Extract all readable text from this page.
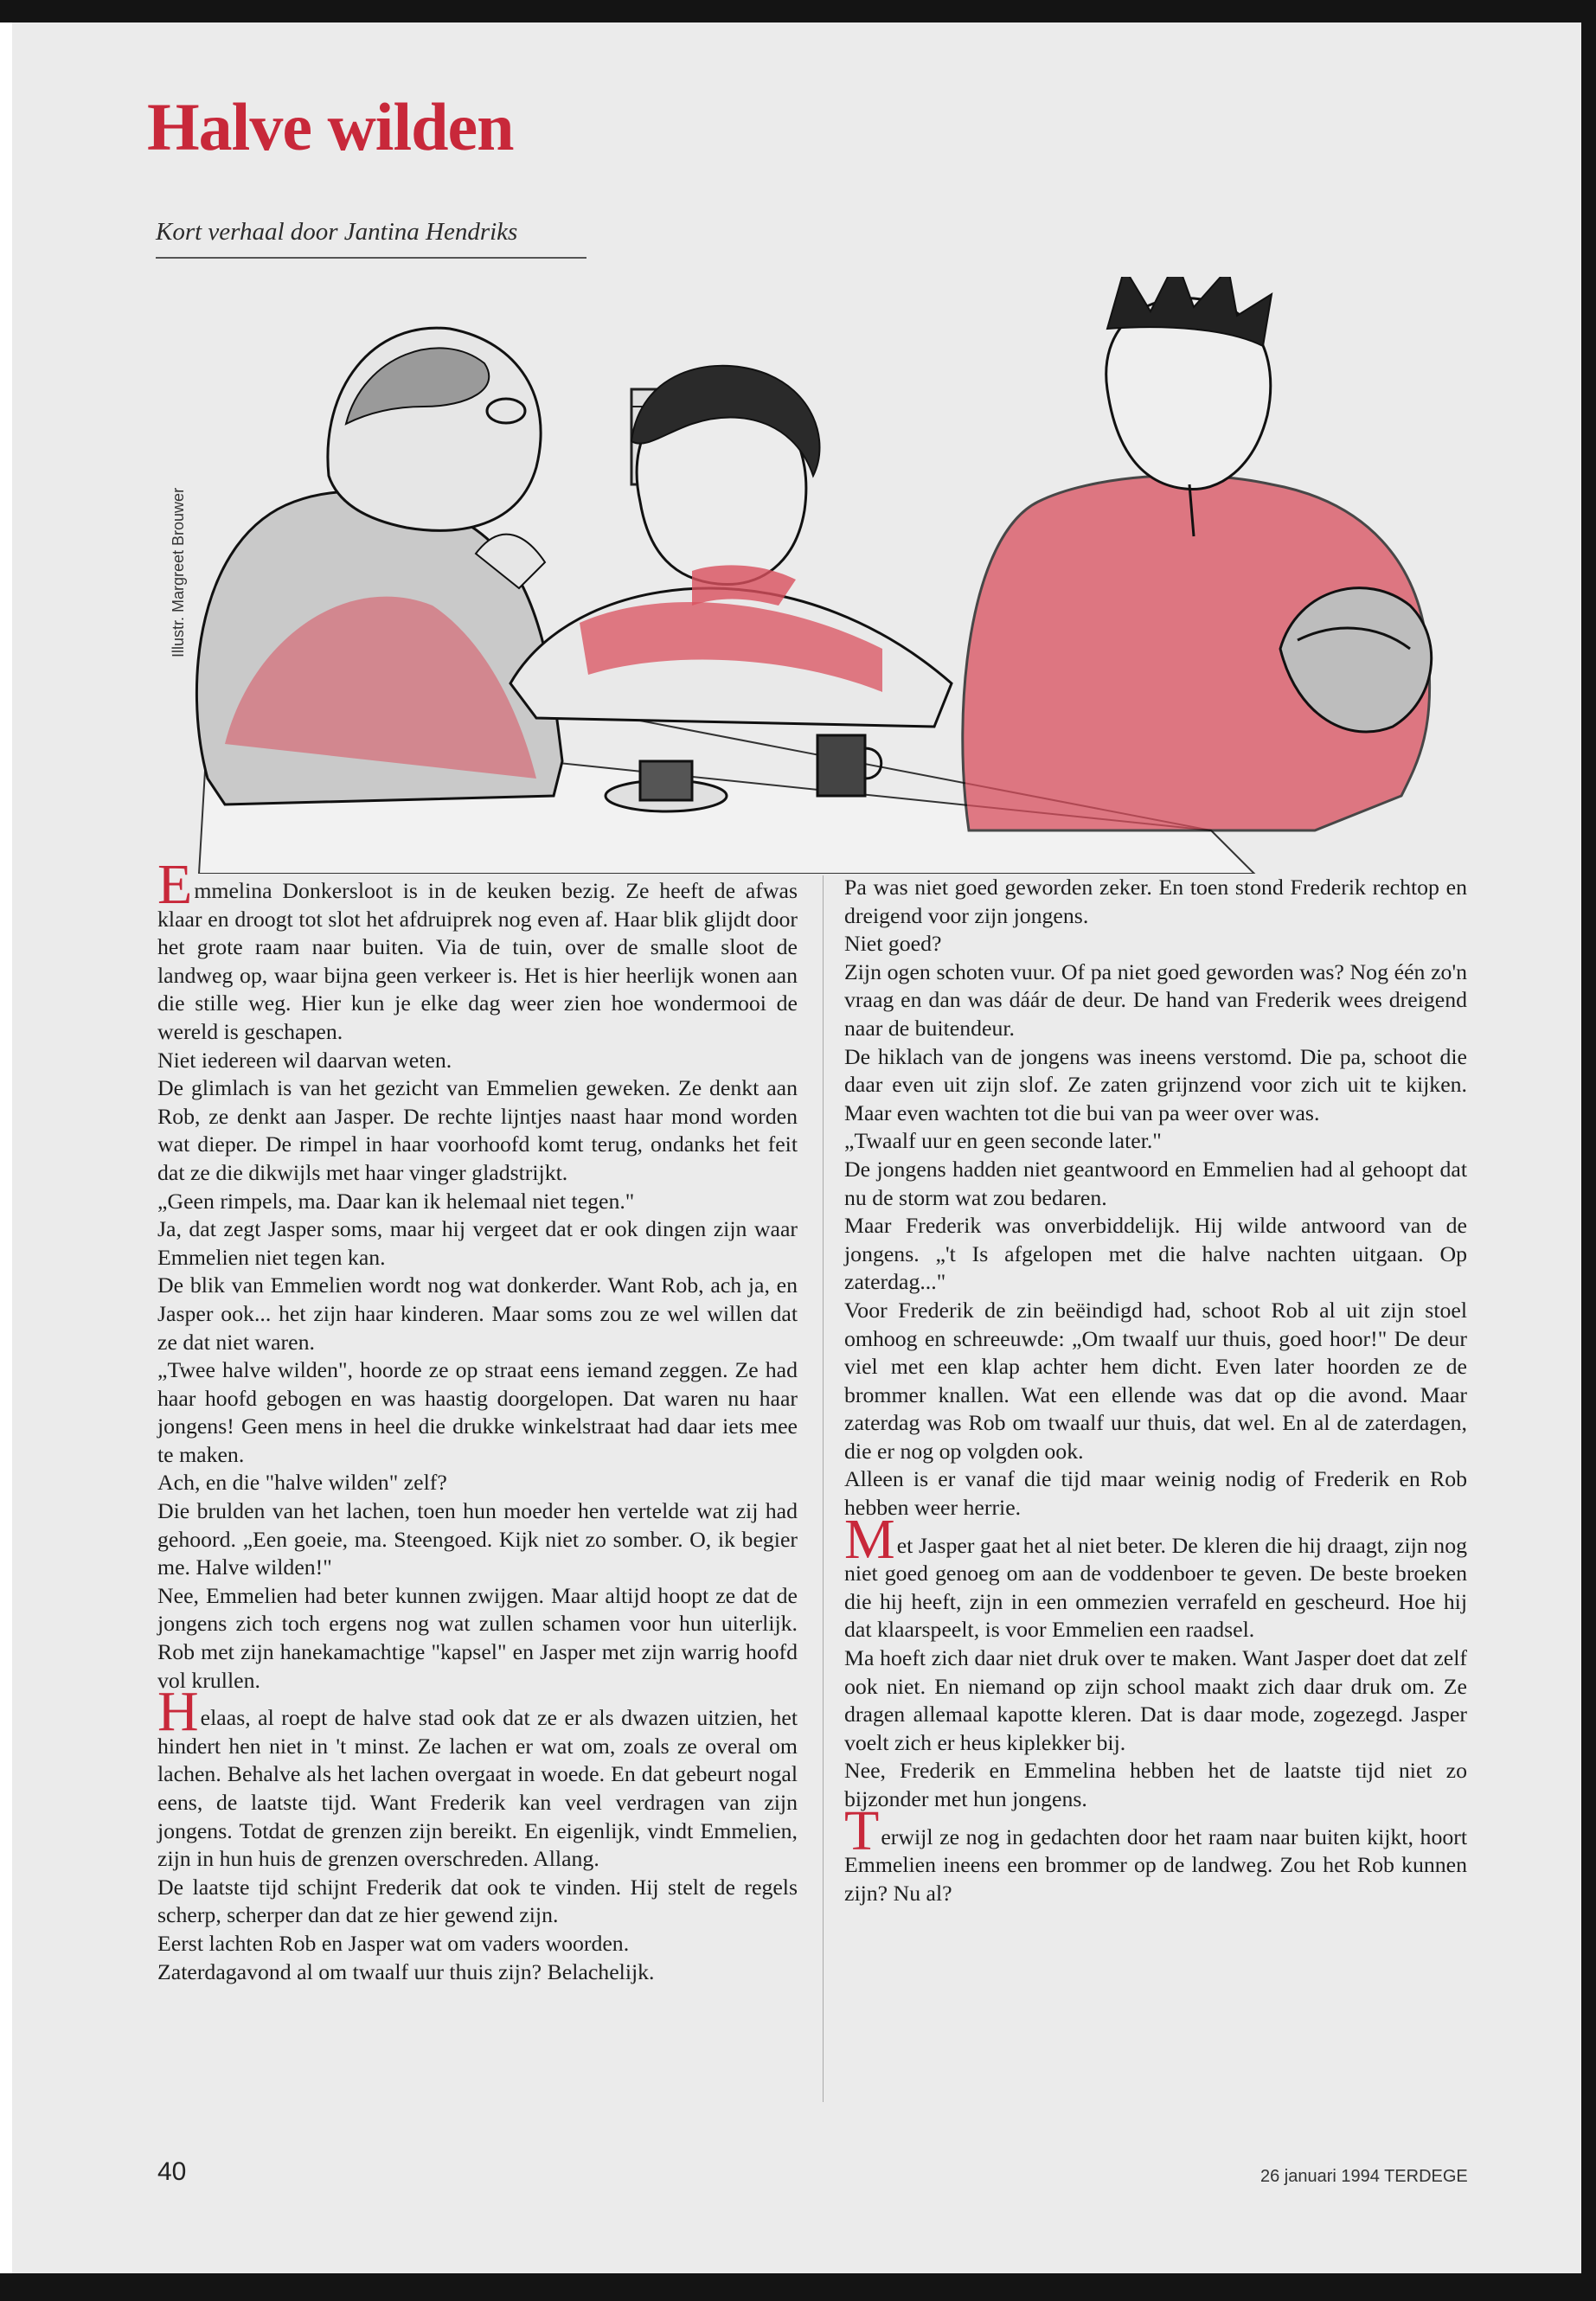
Halve wilden
Kort verhaal door Jantina Hendriks
Illustr. Margreet Brouwer

Emmelina Donkersloot is in de keuken bezig. Ze heeft de afwas klaar en droogt tot slot het afdruiprek nog even af. Haar blik glijdt door het grote raam naar buiten. Via de tuin, over de smalle sloot de landweg op, waar bijna geen verkeer is. Het is hier heerlijk wonen aan die stille weg. Hier kun je elke dag weer zien hoe wondermooi de wereld is geschapen.

Niet iedereen wil daarvan weten.

De glimlach is van het gezicht van Emmelien geweken. Ze denkt aan Rob, ze denkt aan Jasper. De rechte lijntjes naast haar mond worden wat dieper. De rimpel in haar voorhoofd komt terug, ondanks het feit dat ze die dikwijls met haar vinger gladstrijkt.

„Geen rimpels, ma. Daar kan ik helemaal niet tegen."

Ja, dat zegt Jasper soms, maar hij vergeet dat er ook dingen zijn waar Emmelien niet tegen kan.

De blik van Emmelien wordt nog wat donkerder. Want Rob, ach ja, en Jasper ook... het zijn haar kinderen. Maar soms zou ze wel willen dat ze dat niet waren.

„Twee halve wilden", hoorde ze op straat eens iemand zeggen. Ze had haar hoofd gebogen en was haastig doorgelopen. Dat waren nu haar jongens! Geen mens in heel die drukke winkelstraat had daar iets mee te maken.

Ach, en die "halve wilden" zelf?

Die brulden van het lachen, toen hun moeder hen vertelde wat zij had gehoord. „Een goeie, ma. Steengoed. Kijk niet zo somber. O, ik begier me. Halve wilden!"

Nee, Emmelien had beter kunnen zwijgen. Maar altijd hoopt ze dat de jongens zich toch ergens nog wat zullen schamen voor hun uiterlijk. Rob met zijn hanekamachtige "kapsel" en Jasper met zijn warrig hoofd vol krullen.

Helaas, al roept de halve stad ook dat ze er als dwazen uitzien, het hindert hen niet in 't minst. Ze lachen er wat om, zoals ze overal om lachen. Behalve als het lachen overgaat in woede. En dat gebeurt nogal eens, de laatste tijd. Want Frederik kan veel verdragen van zijn jongens. Totdat de grenzen zijn bereikt. En eigenlijk, vindt Emmelien, zijn in hun huis de grenzen overschreden. Allang.

De laatste tijd schijnt Frederik dat ook te vinden. Hij stelt de regels scherp, scherper dan dat ze hier gewend zijn.

Eerst lachten Rob en Jasper wat om vaders woorden.

Zaterdagavond al om twaalf uur thuis zijn? Belachelijk.

Pa was niet goed geworden zeker. En toen stond Frederik rechtop en dreigend voor zijn jongens.

Niet goed?

Zijn ogen schoten vuur. Of pa niet goed geworden was? Nog één zo'n vraag en dan was dáár de deur. De hand van Frederik wees dreigend naar de buitendeur.

De hiklach van de jongens was ineens verstomd. Die pa, schoot die daar even uit zijn slof. Ze zaten grijnzend voor zich uit te kijken. Maar even wachten tot die bui van pa weer over was.

„Twaalf uur en geen seconde later."

De jongens hadden niet geantwoord en Emmelien had al gehoopt dat nu de storm wat zou bedaren.

Maar Frederik was onverbiddelijk. Hij wilde antwoord van de jongens. „'t Is afgelopen met die halve nachten uitgaan. Op zaterdag..."

Voor Frederik de zin beëindigd had, schoot Rob al uit zijn stoel omhoog en schreeuwde: „Om twaalf uur thuis, goed hoor!" De deur viel met een klap achter hem dicht. Even later hoorden ze de brommer knallen. Wat een ellende was dat op die avond. Maar zaterdag was Rob om twaalf uur thuis, dat wel. En al de zaterdagen, die er nog op volgden ook.

Alleen is er vanaf die tijd maar weinig nodig of Frederik en Rob hebben weer herrie.

Met Jasper gaat het al niet beter. De kleren die hij draagt, zijn nog niet goed genoeg om aan de voddenboer te geven. De beste broeken die hij heeft, zijn in een ommezien verrafeld en gescheurd. Hoe hij dat klaarspeelt, is voor Emmelien een raadsel.

Ma hoeft zich daar niet druk over te maken. Want Jasper doet dat zelf ook niet. En niemand op zijn school maakt zich daar druk om. Ze dragen allemaal kapotte kleren. Dat is daar mode, zogezegd. Jasper voelt zich er heus kiplekker bij.

Nee, Frederik en Emmelina hebben het de laatste tijd niet zo bijzonder met hun jongens.

Terwijl ze nog in gedachten door het raam naar buiten kijkt, hoort Emmelien ineens een brommer op de landweg. Zou het Rob kunnen zijn? Nu al?

40	26 januari 1994 TERDEGE
